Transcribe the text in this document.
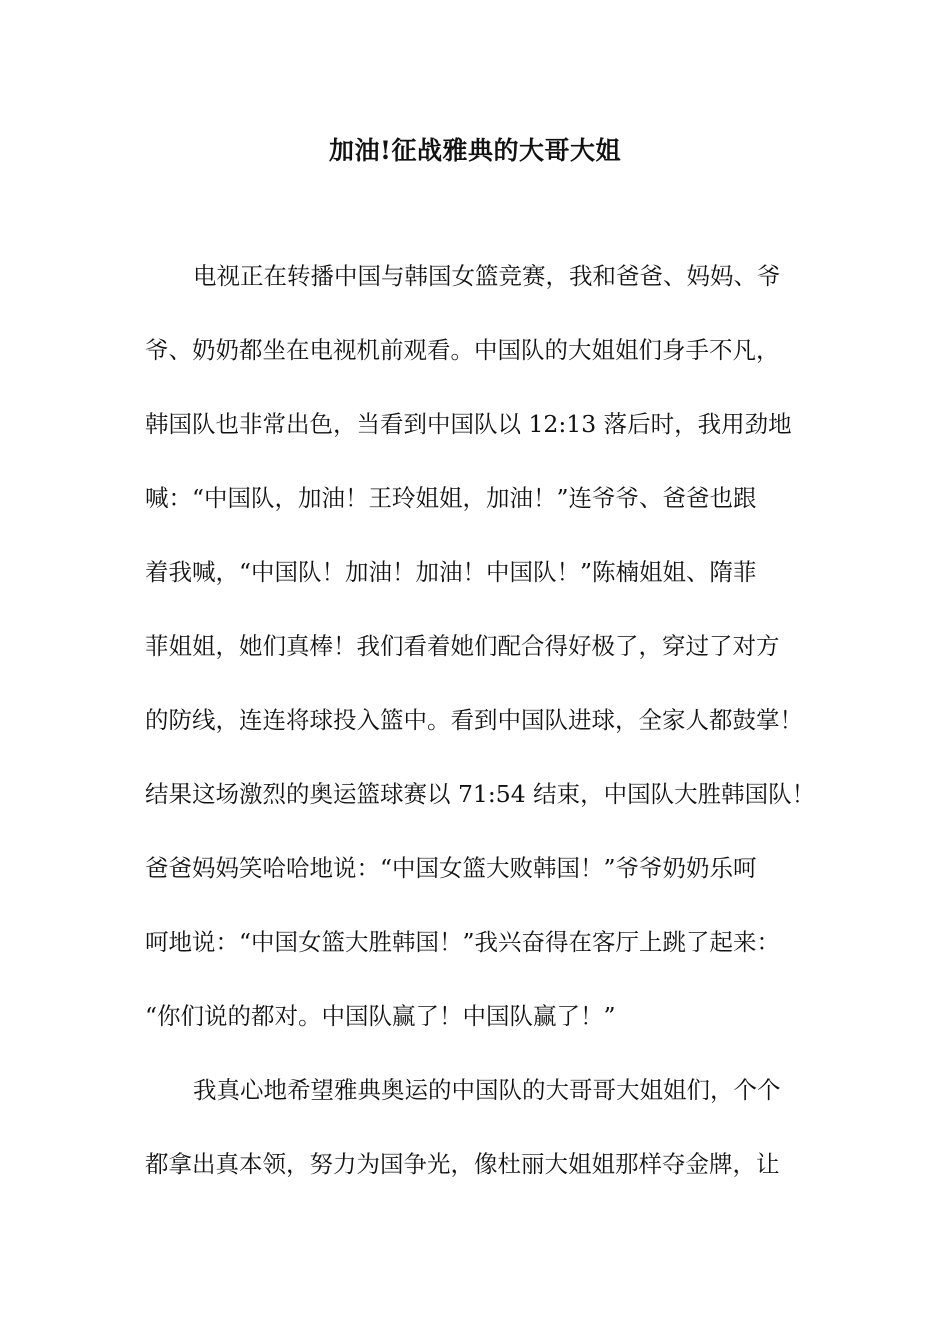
加油!征战雅典的大哥大姐
电视正在转播中国与韩国女篮竞赛，我和爸爸、妈妈、爷
爷、奶奶都坐在电视机前观看。中国队的大姐姐们身手不凡，
韩国队也非常出色，当看到中国队以 12:13 落后时，我用劲地
喊：“中国队，加油！王玲姐姐，加油！”连爷爷、爸爸也跟
着我喊，“中国队！加油！加油！中国队！”陈楠姐姐、隋菲
菲姐姐，她们真棒！我们看着她们配合得好极了，穿过了对方
的防线，连连将球投入篮中。看到中国队进球，全家人都鼓掌！
结果这场激烈的奥运篮球赛以 71:54 结束，中国队大胜韩国队！
爸爸妈妈笑哈哈地说：“中国女篮大败韩国！”爷爷奶奶乐呵
呵地说：“中国女篮大胜韩国！”我兴奋得在客厅上跳了起来：
“你们说的都对。中国队赢了！中国队赢了！”
我真心地希望雅典奥运的中国队的大哥哥大姐姐们，个个
都拿出真本领，努力为国争光，像杜丽大姐姐那样夺金牌，让
